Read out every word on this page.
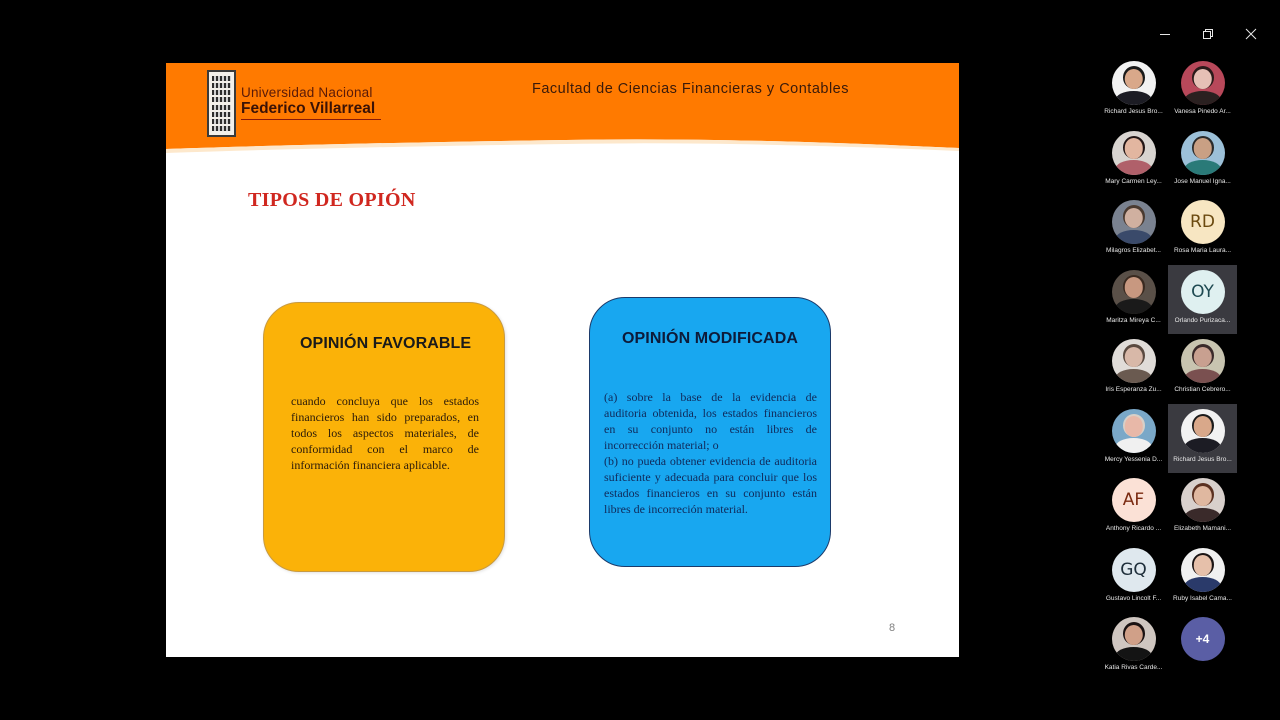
Universidad Nacional
Federico Villarreal
Facultad de Ciencias Financieras y Contables
TIPOS DE OPIÓN
OPINIÓN FAVORABLE

cuando concluya que los estados financieros han sido preparados, en todos los aspectos materiales, de conformidad con el marco de información financiera aplicable.

OPINIÓN MODIFICADA

(a) sobre la base de la evidencia de auditoria obtenida, los estados financieros en su conjunto no están libres de incorrección material; o

(b) no pueda obtener evidencia de auditoria suficiente y adecuada para concluir que los estados financieros en su conjunto están libres de incorreción material.

8
Richard Jesus Bro... Vanesa Pinedo Ar...
Mary Carmen Ley... Jose Manuel Igna...
Milagros Elizabet...
RD
Rosa Maria Laura...
Maritza Mireya C...
OY
Orlando Purizaca...
Iris Esperanza Zu... Christian Cebrero...
Mercy Yessenia D... Richard Jesus Bro...
AF
Anthony Ricardo ... Elizabeth Mamani...
GQ
Gustavo Lincolt F... Ruby Isabel Cama...
Katia Rivas Carde...
+4
